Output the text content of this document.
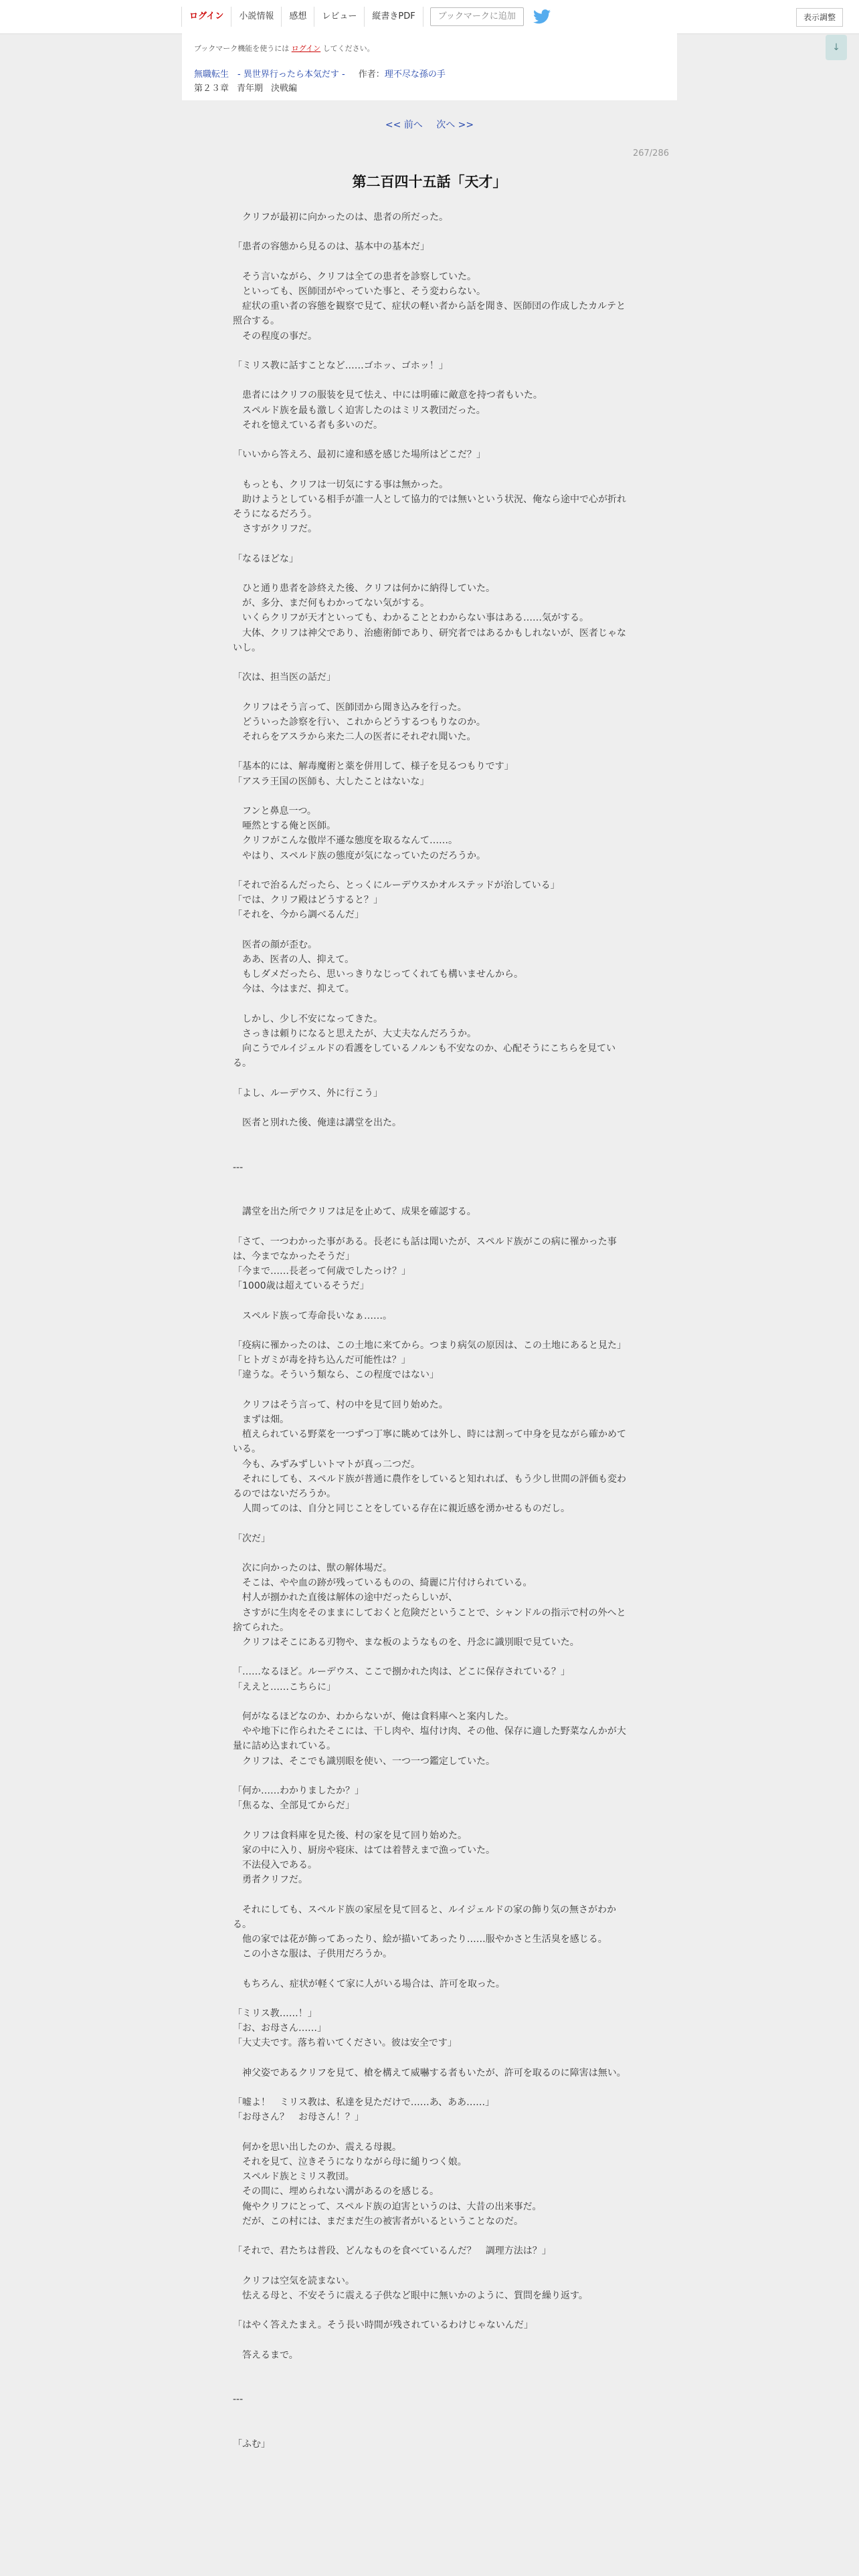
ログイン	小説情報	感想	レビュー	縦書きPDF	ブックマークに追加	表示調整
↓
ブックマーク機能を使うには ログイン してください。
無職転生　- 異世界行ったら本気だす - 作者：理不尽な孫の手
第２３章 青年期 決戦編
<< 前へ 次へ >>
267/286
第二百四十五話「天才」

　クリフが最初に向かったのは、患者の所だった。

「患者の容態から見るのは、基本中の基本だ」

　そう言いながら、クリフは全ての患者を診察していた。

　といっても、医師団がやっていた事と、そう変わらない。

　症状の重い者の容態を観察で見て、症状の軽い者から話を聞き、医師団の作成したカルテと照合する。

　その程度の事だ。

「ミリス教に話すことなど……ゴホッ、ゴホッ！」

　患者にはクリフの服装を見て怯え、中には明確に敵意を持つ者もいた。

　スペルド族を最も激しく迫害したのはミリス教団だった。

　それを憶えている者も多いのだ。

「いいから答えろ、最初に違和感を感じた場所はどこだ？」

　もっとも、クリフは一切気にする事は無かった。

　助けようとしている相手が誰一人として協力的では無いという状況、俺なら途中で心が折れそうになるだろう。

　さすがクリフだ。

「なるほどな」

　ひと通り患者を診終えた後、クリフは何かに納得していた。

　が、多分、まだ何もわかってない気がする。

　いくらクリフが天才といっても、わかることとわからない事はある……気がする。

　大体、クリフは神父であり、治癒術師であり、研究者ではあるかもしれないが、医者じゃないし。

「次は、担当医の話だ」

　クリフはそう言って、医師団から聞き込みを行った。

　どういった診察を行い、これからどうするつもりなのか。

　それらをアスラから来た二人の医者にそれぞれ聞いた。

「基本的には、解毒魔術と薬を併用して、様子を見るつもりです」

「アスラ王国の医師も、大したことはないな」

　フンと鼻息一つ。

　唖然とする俺と医師。

　クリフがこんな傲岸不遜な態度を取るなんて……。

　やはり、スペルド族の態度が気になっていたのだろうか。

「それで治るんだったら、とっくにルーデウスかオルステッドが治している」

「では、クリフ殿はどうすると？」

「それを、今から調べるんだ」

　医者の顔が歪む。

　ああ、医者の人、抑えて。

　もしダメだったら、思いっきりなじってくれても構いませんから。

　今は、今はまだ、抑えて。

　しかし、少し不安になってきた。

　さっきは頼りになると思えたが、大丈夫なんだろうか。

　向こうでルイジェルドの看護をしているノルンも不安なのか、心配そうにこちらを見ている。

「よし、ルーデウス、外に行こう」

　医者と別れた後、俺達は講堂を出た。

---

　講堂を出た所でクリフは足を止めて、成果を確認する。

「さて、一つわかった事がある。長老にも話は聞いたが、スペルド族がこの病に罹かった事は、今までなかったそうだ」

「今まで……長老って何歳でしたっけ？」

「1000歳は超えているそうだ」

　スペルド族って寿命長いなぁ……。

「疫病に罹かったのは、この土地に来てから。つまり病気の原因は、この土地にあると見た」

「ヒトガミが毒を持ち込んだ可能性は？」

「違うな。そういう類なら、この程度ではない」

　クリフはそう言って、村の中を見て回り始めた。

　まずは畑。

　植えられている野菜を一つずつ丁寧に眺めては外し、時には割って中身を見ながら確かめている。

　今も、みずみずしいトマトが真っ二つだ。

　それにしても、スペルド族が普通に農作をしていると知れれば、もう少し世間の評価も変わるのではないだろうか。

　人間ってのは、自分と同じことをしている存在に親近感を湧かせるものだし。

「次だ」

　次に向かったのは、獣の解体場だ。

　そこは、やや血の跡が残っているものの、綺麗に片付けられている。

　村人が捌かれた直後は解体の途中だったらしいが、

　さすがに生肉をそのままにしておくと危険だということで、シャンドルの指示で村の外へと捨てられた。

　クリフはそこにある刃物や、まな板のようなものを、丹念に識別眼で見ていた。

「……なるほど。ルーデウス、ここで捌かれた肉は、どこに保存されている？」

「ええと……こちらに」

　何がなるほどなのか、わからないが、俺は食料庫へと案内した。

　やや地下に作られたそこには、干し肉や、塩付け肉、その他、保存に適した野菜なんかが大量に詰め込まれている。

　クリフは、そこでも識別眼を使い、一つ一つ鑑定していた。

「何か……わかりましたか？」

「焦るな、全部見てからだ」

　クリフは食料庫を見た後、村の家を見て回り始めた。

　家の中に入り、厨房や寝床、はては着替えまで漁っていた。

　不法侵入である。

　勇者クリフだ。

　それにしても、スペルド族の家屋を見て回ると、ルイジェルドの家の飾り気の無さがわかる。

　他の家では花が飾ってあったり、絵が描いてあったり……服やかさと生活臭を感じる。

　この小さな服は、子供用だろうか。

　もちろん、症状が軽くて家に人がいる場合は、許可を取った。

「ミリス教……！」

「お、お母さん……」

「大丈夫です。落ち着いてください。彼は安全です」

　神父姿であるクリフを見て、槍を構えて威嚇する者もいたが、許可を取るのに障害は無い。

「嘘よ！　ミリス教は、私達を見ただけで……あ、ああ……」

「お母さん？　お母さん！？」

　何かを思い出したのか、震える母親。

　それを見て、泣きそうになりながら母に縋りつく娘。

　スペルド族とミリス教団。

　その間に、埋められない溝があるのを感じる。

　俺やクリフにとって、スペルド族の迫害というのは、大昔の出来事だ。

　だが、この村には、まだまだ生の被害者がいるということなのだ。

「それで、君たちは普段、どんなものを食べているんだ？　調理方法は？」

　クリフは空気を読まない。

　怯える母と、不安そうに震える子供など眼中に無いかのように、質問を繰り返す。

「はやく答えたまえ。そう長い時間が残されているわけじゃないんだ」

　答えるまで。

---

「ふむ」
